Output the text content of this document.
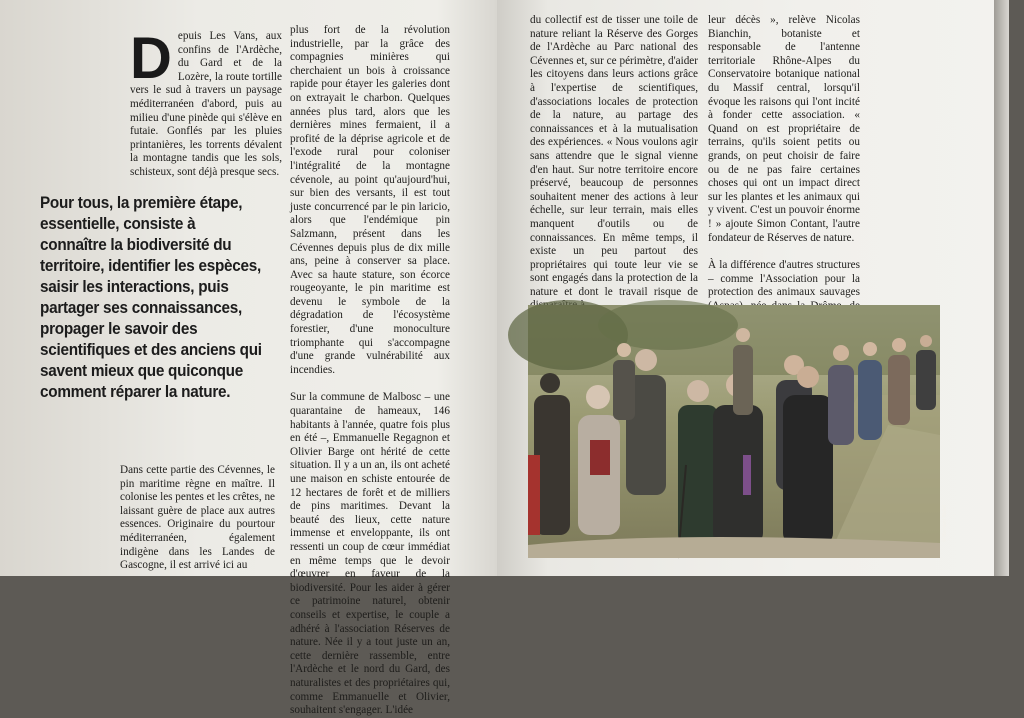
Depuis Les Vans, aux confins de l'Ardèche, du Gard et de la Lozère, la route tortille vers le sud à travers un paysage méditerranéen d'abord, puis au milieu d'une pinède qui s'élève en futaie. Gonflés par les pluies printanières, les torrents dévalent la montagne tandis que les sols, schisteux, sont déjà presque secs.
Pour tous, la première étape, essentielle, consiste à connaître la biodiversité du territoire, identifier les espèces, saisir les interactions, puis partager ses connaissances, propager le savoir des scientifiques et des anciens qui savent mieux que quiconque comment réparer la nature.
Dans cette partie des Cévennes, le pin maritime règne en maître. Il colonise les pentes et les crêtes, ne laissant guère de place aux autres essences. Originaire du pourtour méditerranéen, également indigène dans les Landes de Gascogne, il est arrivé ici au

plus fort de la révolution industrielle, par la grâce des compagnies minières qui cherchaient un bois à croissance rapide pour étayer les galeries dont on extrayait le charbon. Quelques années plus tard, alors que les dernières mines fermaient, il a profité de la déprise agricole et de l'exode rural pour coloniser l'intégralité de la montagne cévenole, au point qu'aujourd'hui, sur bien des versants, il est tout juste concurrencé par le pin laricio, alors que l'endémique pin Salzmann, présent dans les Cévennes depuis plus de dix mille ans, peine à conserver sa place. Avec sa haute stature, son écorce rougeoyante, le pin maritime est devenu le symbole de la dégradation de l'écosystème forestier, d'une monoculture triomphante qui s'accompagne d'une grande vulnérabilité aux incendies.

Sur la commune de Malbosc – une quarantaine de hameaux, 146 habitants à l'année, quatre fois plus en été –, Emmanuelle Regagnon et Olivier Barge ont hérité de cette situation. Il y a un an, ils ont acheté une maison en schiste entourée de 12 hectares de forêt et de milliers de pins maritimes. Devant la beauté des lieux, cette nature immense et enveloppante, ils ont ressenti un coup de cœur immédiat en même temps que le devoir d'œuvrer en faveur de la biodiversité. Pour les aider à gérer ce patrimoine naturel, obtenir conseils et expertise, le couple a adhéré à l'association Réserves de nature. Née il y a tout juste un an, cette dernière rassemble, entre l'Ardèche et le nord du Gard, des naturalistes et des propriétaires qui, comme Emmanuelle et Olivier, souhaitent s'engager. L'idée

du collectif est de tisser une toile de nature reliant la Réserve des Gorges de l'Ardèche au Parc national des Cévennes et, sur ce périmètre, d'aider les citoyens dans leurs actions grâce à l'expertise de scientifiques, d'associations locales de protection de la nature, au partage des connaissances et à la mutualisation des expériences. « Nous voulons agir sans attendre que le signal vienne d'en haut. Sur notre territoire encore préservé, beaucoup de personnes souhaitent mener des actions à leur échelle, sur leur terrain, mais elles manquent d'outils ou de connaissances. En même temps, il existe un peu partout des propriétaires qui toute leur vie se sont engagés dans la protection de la nature et dont le travail risque de

leur décès », relève Nicolas Bianchin, botaniste et responsable de l'antenne territoriale Rhône-Alpes du Conservatoire botanique national du Massif central, lorsqu'il évoque les raisons qui l'ont incité à fonder cette association. « Quand on est propriétaire de terrains, qu'ils soient petits ou grands, on peut choisir de faire ou de ne pas faire certaines choses qui ont un impact direct sur les plantes et les animaux qui y vivent. C'est un pouvoir énorme ! » ajoute Simon Contant, l'autre fondateur de Réserves de nature.

À la différence d'autres structures – comme l'Association pour la protection des animaux sauvages

© Bernard Ballet
